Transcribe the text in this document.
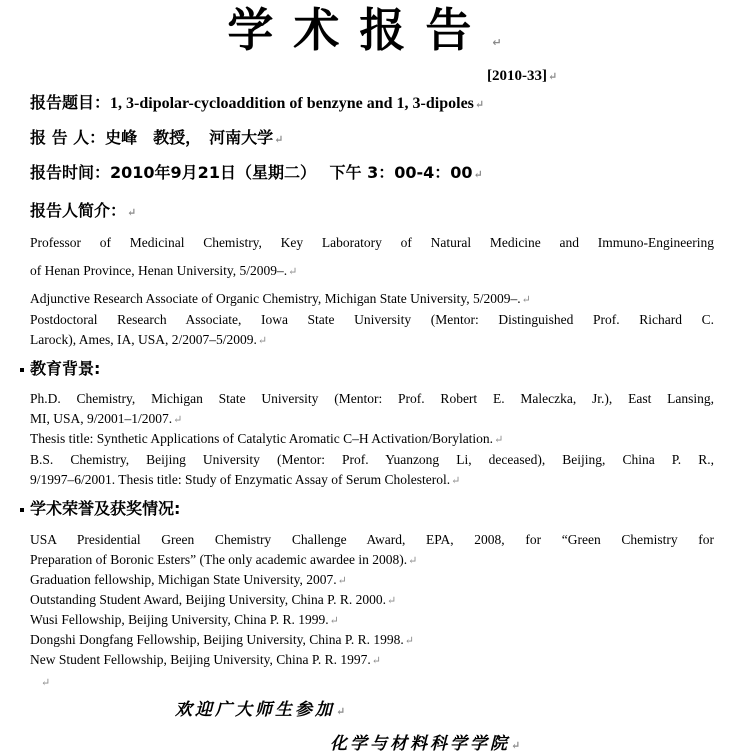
学术报告↵
[2010-33]↵
报告题目：1, 3-dipolar-cycloaddition of benzyne and 1, 3-dipoles↵
报 告 人：史峰　教授，　河南大学↵
报告时间：2010年9月21日（星期二）　 下午 3：00-4：00↵
报告人简介：↵
Professor of Medicinal Chemistry, Key Laboratory of Natural Medicine and Immuno-Engineering
of Henan Province, Henan University, 5/2009–.↵
Adjunctive Research Associate of Organic Chemistry, Michigan State University, 5/2009–.↵
Postdoctoral Research Associate, Iowa State University (Mentor: Distinguished Prof. Richard C.
Larock), Ames, IA, USA, 2/2007–5/2009.↵
教育背景:
Ph.D. Chemistry, Michigan State University (Mentor: Prof. Robert E. Maleczka, Jr.), East Lansing,
MI, USA, 9/2001–1/2007.↵
Thesis title: Synthetic Applications of Catalytic Aromatic C–H Activation/Borylation.↵
B.S. Chemistry, Beijing University (Mentor: Prof. Yuanzong Li, deceased), Beijing, China P. R.,
9/1997–6/2001. Thesis title: Study of Enzymatic Assay of Serum Cholesterol.↵
学术荣誉及获奖情况:
USA Presidential Green Chemistry Challenge Award, EPA, 2008, for “Green Chemistry for
Preparation of Boronic Esters” (The only academic awardee in 2008).↵
Graduation fellowship, Michigan State University, 2007.↵
Outstanding Student Award, Beijing University, China P. R. 2000.↵
Wusi Fellowship, Beijing University, China P. R. 1999.↵
Dongshi Dongfang Fellowship, Beijing University, China P. R. 1998.↵
New Student Fellowship, Beijing University, China P. R. 1997.↵
↵
欢迎广大师生参加↵
化学与材料科学学院↵
